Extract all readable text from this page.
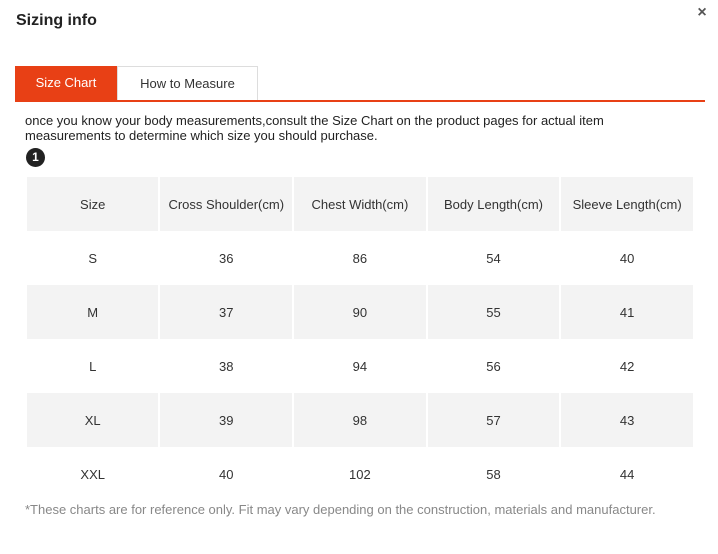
Sizing info	×
Size Chart	How to Measure
once you know your body measurements,consult the Size Chart on the product pages for actual item measurements to determine which size you should purchase.
1
Size	Cross Shoulder(cm)	Chest Width(cm)	Body Length(cm)	Sleeve Length(cm)
S	36	86	54	40
M	37	90	55	41
L	38	94	56	42
XL	39	98	57	43
XXL	40	102	58	44
*These charts are for reference only. Fit may vary depending on the construction, materials and manufacturer.
